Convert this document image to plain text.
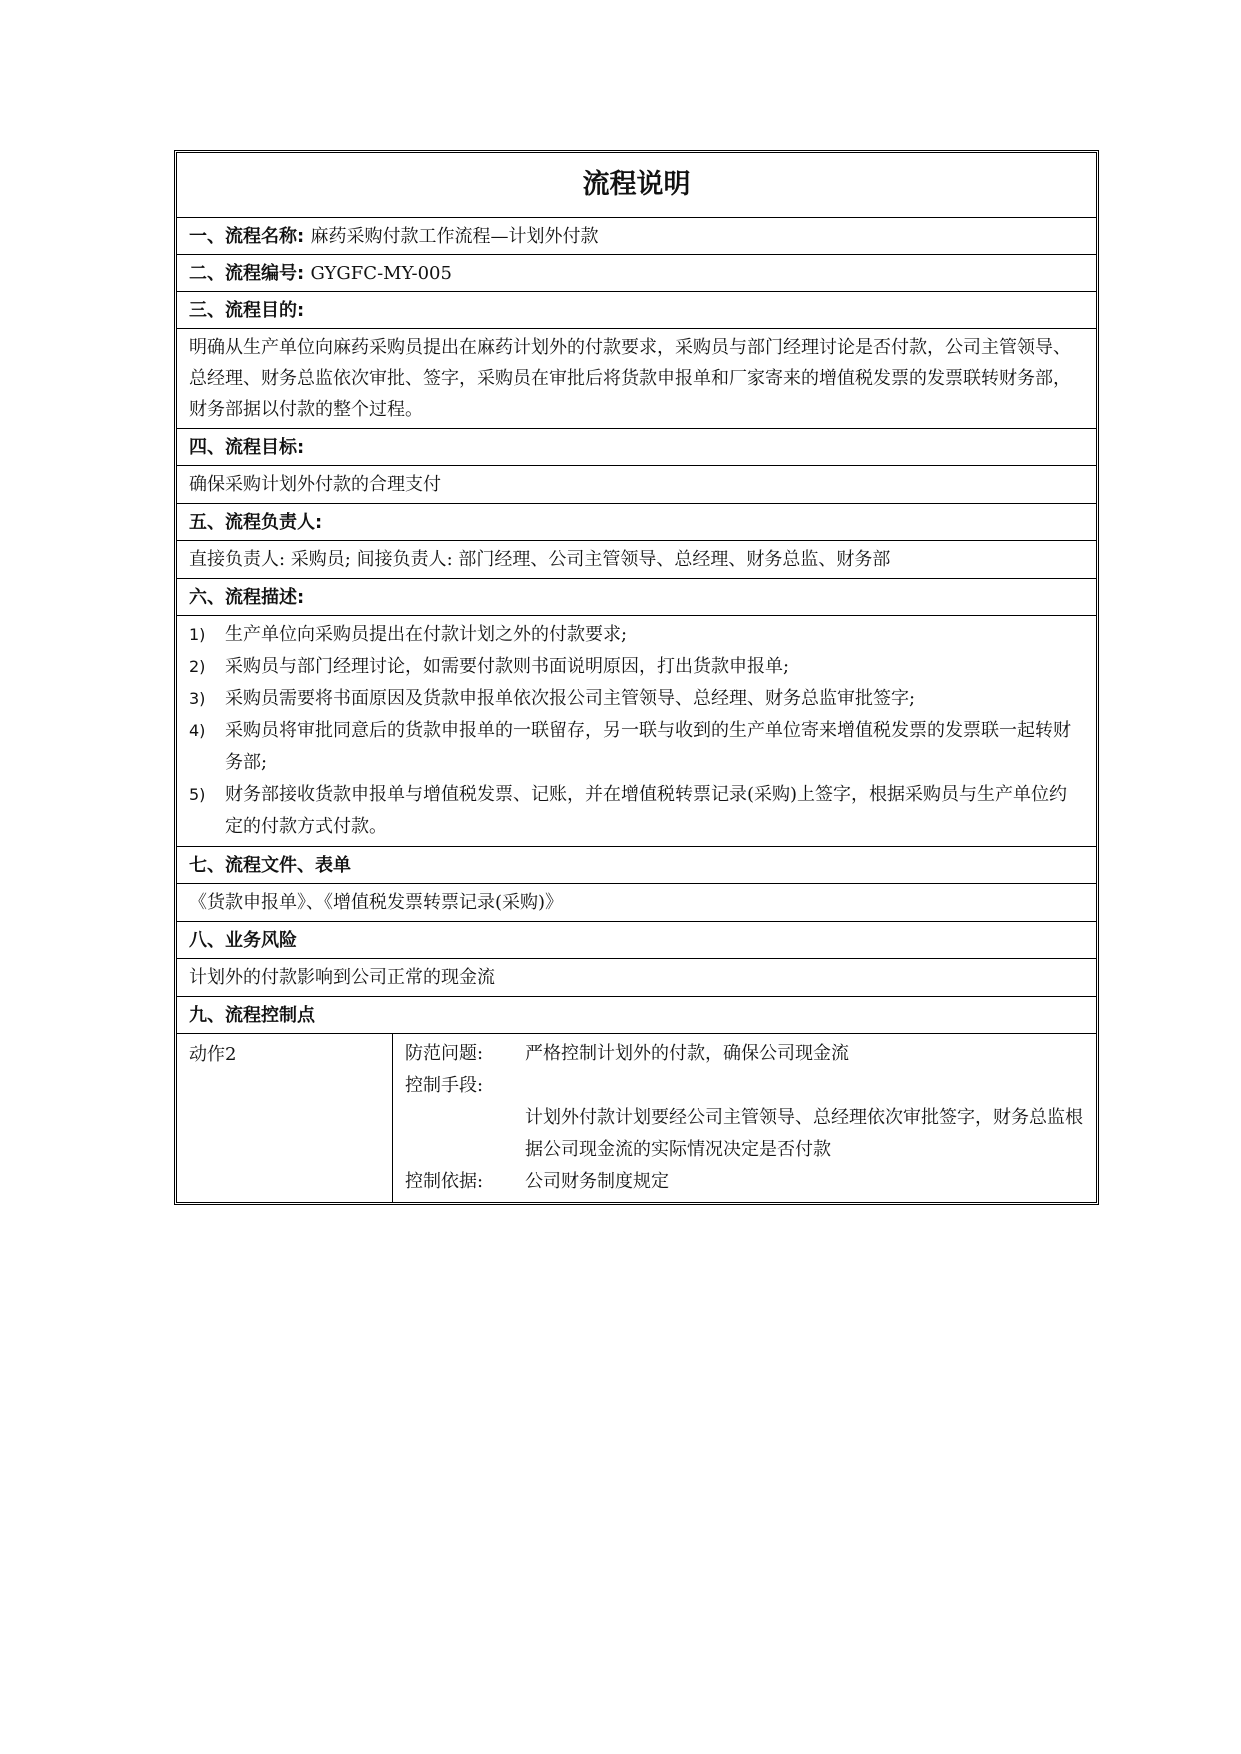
流程说明
一、流程名称: 麻药采购付款工作流程—计划外付款
二、流程编号: GYGFC-MY-005
三、流程目的:
明确从生产单位向麻药采购员提出在麻药计划外的付款要求，采购员与部门经理讨论是否付款，公司主管领导、总经理、财务总监依次审批、签字，采购员在审批后将货款申报单和厂家寄来的增值税发票的发票联转财务部，财务部据以付款的整个过程。
四、流程目标:
确保采购计划外付款的合理支付
五、流程负责人:
直接负责人: 采购员; 间接负责人: 部门经理、公司主管领导、总经理、财务总监、财务部
六、流程描述:
1)	生产单位向采购员提出在付款计划之外的付款要求;
2)	采购员与部门经理讨论，如需要付款则书面说明原因，打出货款申报单;
3)	采购员需要将书面原因及货款申报单依次报公司主管领导、总经理、财务总监审批签字;
4)	采购员将审批同意后的货款申报单的一联留存，另一联与收到的生产单位寄来增值税发票的发票联一起转财务部;
5)	财务部接收货款申报单与增值税发票、记账，并在增值税转票记录(采购)上签字，根据采购员与生产单位约定的付款方式付款。
七、流程文件、表单
《货款申报单》、《增值税发票转票记录(采购)》
八、业务风险
计划外的付款影响到公司正常的现金流
九、流程控制点
动作2	防范问题:	严格控制计划外的付款，确保公司现金流
控制手段:
计划外付款计划要经公司主管领导、总经理依次审批签字，财务总监根据公司现金流的实际情况决定是否付款
控制依据:	公司财务制度规定
